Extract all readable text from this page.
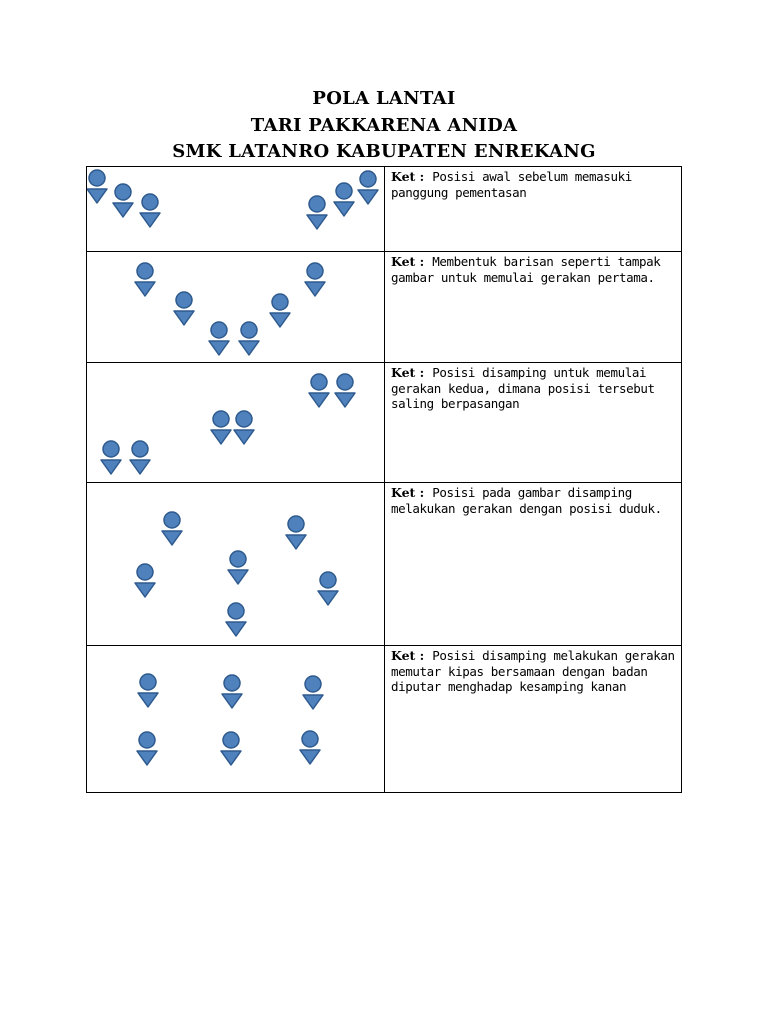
POLA LANTAI
TARI PAKKARENA ANIDA
SMK LATANRO KABUPATEN ENREKANG
	Ket : Posisi awal sebelum memasuki panggung pementasan

	Ket : Membentuk barisan seperti tampak gambar untuk memulai gerakan pertama.

	Ket : Posisi disamping untuk memulai gerakan kedua, dimana posisi tersebut saling berpasangan

	Ket : Posisi pada gambar disamping melakukan gerakan dengan posisi duduk.

	Ket : Posisi disamping melakukan gerakan memutar kipas bersamaan dengan badan diputar menghadap kesamping kanan
